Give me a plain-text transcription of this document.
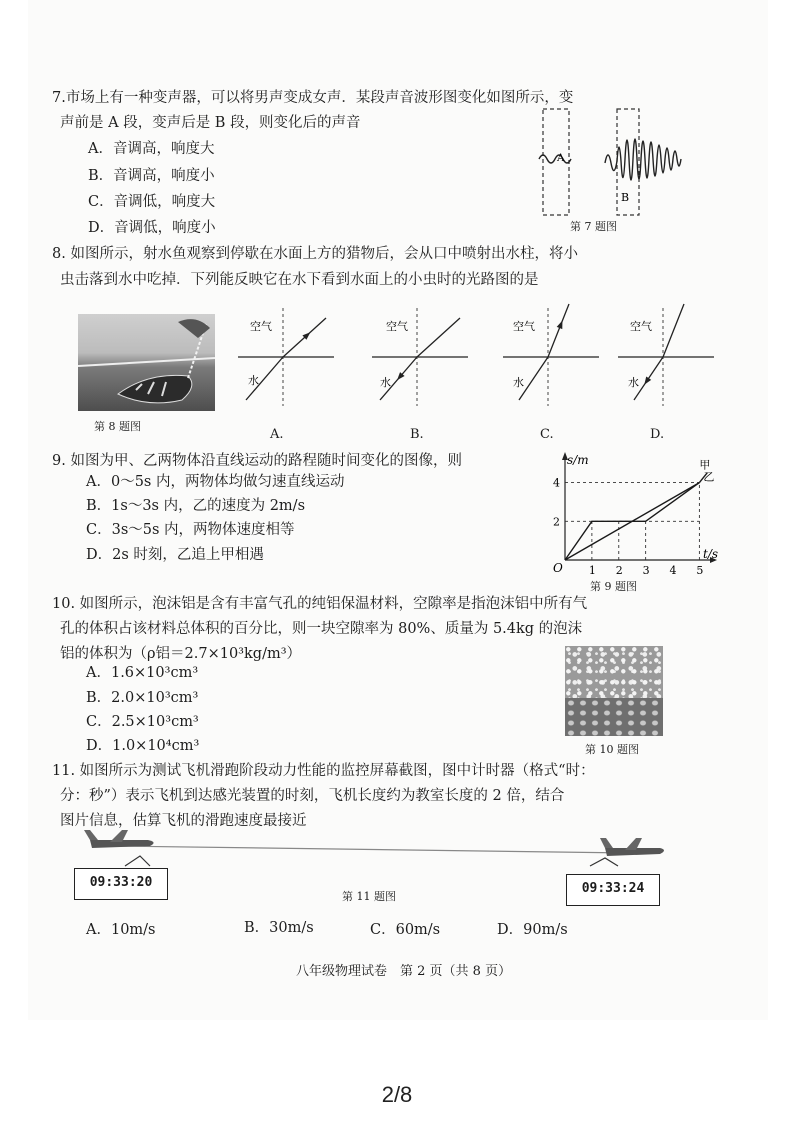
7.市场上有一种变声器，可以将男声变成女声．某段声音波形图变化如图所示，变
声前是 A 段，变声后是 B 段，则变化后的声音
A．音调高，响度大
B．音调高，响度小
C．音调低，响度大
D．音调低，响度小
A
B
第 7 题图
8. 如图所示，射水鱼观察到停歇在水面上方的猎物后，会从口中喷射出水柱，将小
虫击落到水中吃掉．下列能反映它在水下看到水面上的小虫时的光路图的是
第 8 题图
空气
水
空气
水
空气
水
空气
水
A.	B.	C.	D.
9. 如图为甲、乙两物体沿直线运动的路程随时间变化的图像，则
A．0～5s 内，两物体均做匀速直线运动
B．1s～3s 内，乙的速度为 2m/s
C．3s～5s 内，两物体速度相等
D．2s 时刻，乙追上甲相遇
1 2 3 4 5
2
4
O
s/m
t/s
甲
乙
第 9 题图
10. 如图所示，泡沫铝是含有丰富气孔的纯铝保温材料，空隙率是指泡沫铝中所有气
孔的体积占该材料总体积的百分比，则一块空隙率为 80%、质量为 5.4kg 的泡沫
铝的体积为（ρ铝＝2.7×10³kg/m³）
A．1.6×10³cm³
B．2.0×10³cm³
C．2.5×10³cm³
D．1.0×10⁴cm³	第 10 题图
11. 如图所示为测试飞机滑跑阶段动力性能的监控屏幕截图，图中计时器（格式“时：
分：秒”）表示飞机到达感光装置的时刻，飞机长度约为教室长度的 2 倍，结合
图片信息，估算飞机的滑跑速度最接近
09:33:20	09:33:24
第 11 题图
A．10m/s	B．30m/s	C．60m/s	D．90m/s
八年级物理试卷　第 2 页（共 8 页）
2/8
